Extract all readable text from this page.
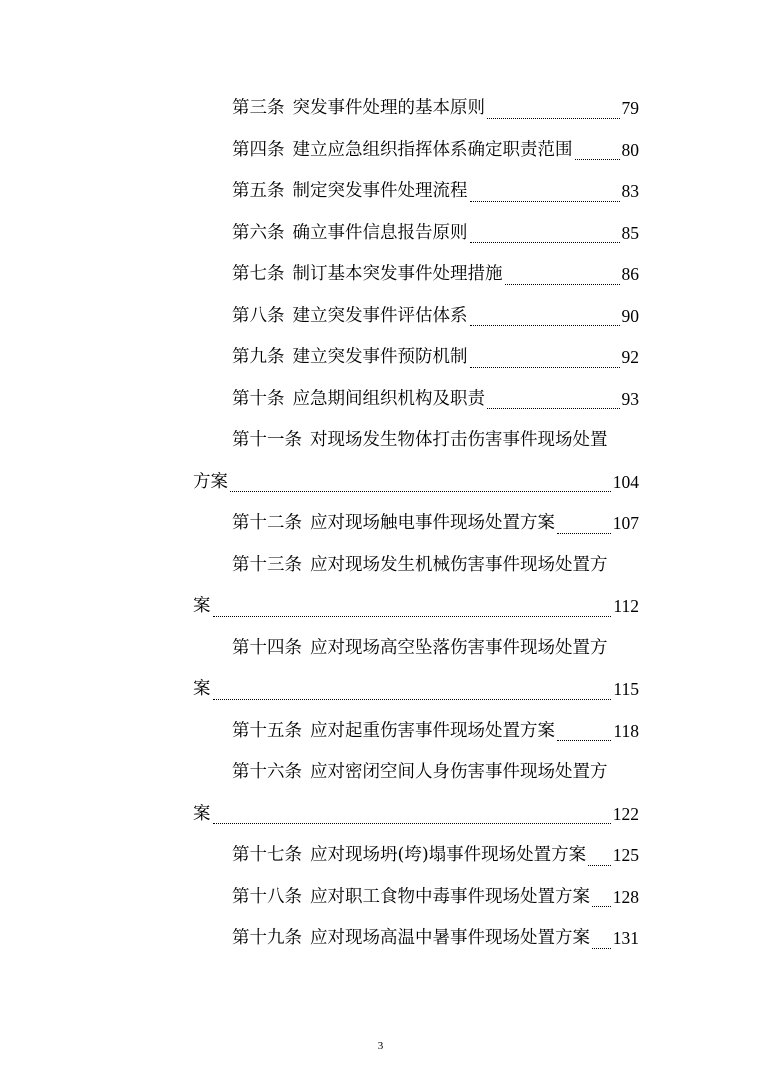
第三条 突发事件处理的基本原则	79
第四条 建立应急组织指挥体系确定职责范围	80
第五条 制定突发事件处理流程	83
第六条 确立事件信息报告原则	85
第七条 制订基本突发事件处理措施	86
第八条 建立突发事件评估体系	90
第九条 建立突发事件预防机制	92
第十条 应急期间组织机构及职责	93
第十一条 对现场发生物体打击伤害事件现场处置
方案	104
第十二条 应对现场触电事件现场处置方案	107
第十三条 应对现场发生机械伤害事件现场处置方
案	112
第十四条 应对现场高空坠落伤害事件现场处置方
案	115
第十五条 应对起重伤害事件现场处置方案	118
第十六条 应对密闭空间人身伤害事件现场处置方
案	122
第十七条 应对现场坍(垮)塌事件现场处置方案 125
第十八条 应对职工食物中毒事件现场处置方案 128
第十九条 应对现场高温中暑事件现场处置方案 131
3
